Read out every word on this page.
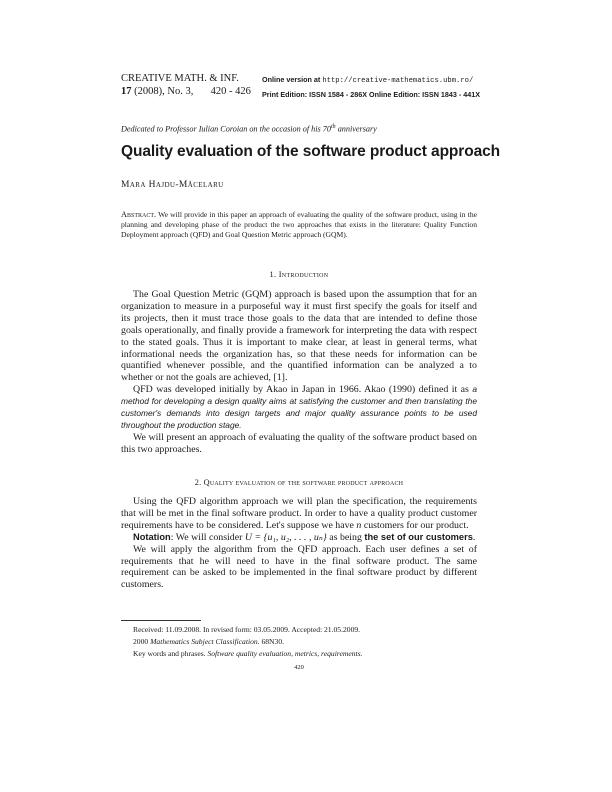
CREATIVE MATH. & INF.
17 (2008), No. 3, 420 - 426
Online version at http://creative-mathematics.ubm.ro/
Print Edition: ISSN 1584 - 286X Online Edition: ISSN 1843 - 441X
Dedicated to Professor Iulian Coroian on the occasion of his 70th anniversary
Quality evaluation of the software product approach
Mara Hajdu-Măcelaru
Abstract. We will provide in this paper an approach of evaluating the quality of the software product, using in the planning and developing phase of the product the two approaches that exists in the literature: Quality Function Deployment approach (QFD) and Goal Question Metric approach (GQM).
1. Introduction

The Goal Question Metric (GQM) approach is based upon the assumption that for an organization to measure in a purposeful way it must first specify the goals for itself and its projects, then it must trace those goals to the data that are intended to define those goals operationally, and finally provide a framework for interpreting the data with respect to the stated goals. Thus it is important to make clear, at least in general terms, what informational needs the organization has, so that these needs for information can be quantified whenever possible, and the quantified information can be analyzed a to whether or not the goals are achieved, [1].

QFD was developed initially by Akao in Japan in 1966. Akao (1990) defined it as a method for developing a design quality aims at satisfying the customer and then translating the customer's demands into design targets and major quality assurance points to be used throughout the production stage.

We will present an approach of evaluating the quality of the software product based on this two approaches.

2. Quality evaluation of the software product approach

Using the QFD algorithm approach we will plan the specification, the requirements that will be met in the final software product. In order to have a quality product customer requirements have to be considered. Let's suppose we have n customers for our product.

Notation: We will consider U = {u₁, u₂, . . . , uₙ} as being the set of our customers.

We will apply the algorithm from the QFD approach. Each user defines a set of requirements that he will need to have in the final software product. The same requirement can be asked to be implemented in the final software product by different customers.

Received: 11.09.2008. In revised form: 03.05.2009. Accepted: 21.05.2009.
2000 Mathematics Subject Classification. 68N30.
Key words and phrases. Software quality evaluation, metrics, requirements.
420
